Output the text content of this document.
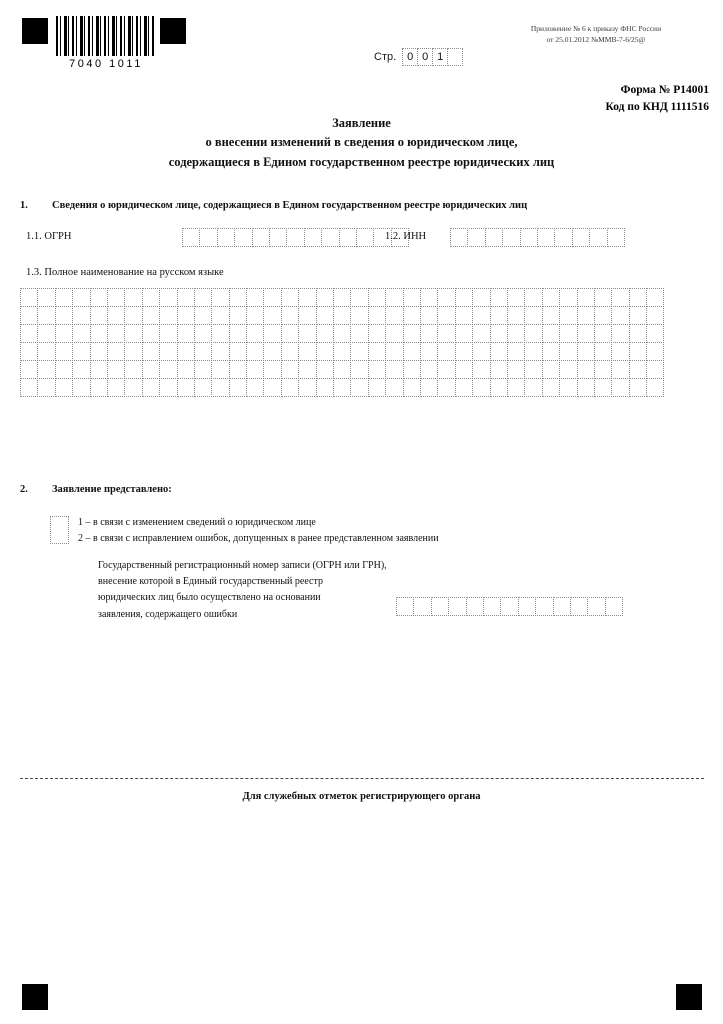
7040 1011
Приложение № 6 к приказу ФНС России
от 25.01.2012 №ММВ-7-6/25@
Стр. 0 0 1
Форма № Р14001
Код по КНД 1111516
Заявление
о внесении изменений в сведения о юридическом лице,
содержащиеся в Едином государственном реестре юридических лиц
1.	Сведения о юридическом лице, содержащиеся в Едином государственном реестре юридических лиц
1.1. ОГРН	1.2. ИНН
1.3. Полное наименование на русском языке
2.	Заявление представлено:
1 – в связи с изменением сведений о юридическом лице
2 – в связи с исправлением ошибок, допущенных в ранее представленном заявлении
Государственный регистрационный номер записи (ОГРН или ГРН),
внесение которой в Единый государственный реестр
юридических лиц было осуществлено на основании
заявления, содержащего ошибки
Для служебных отметок регистрирующего органа
